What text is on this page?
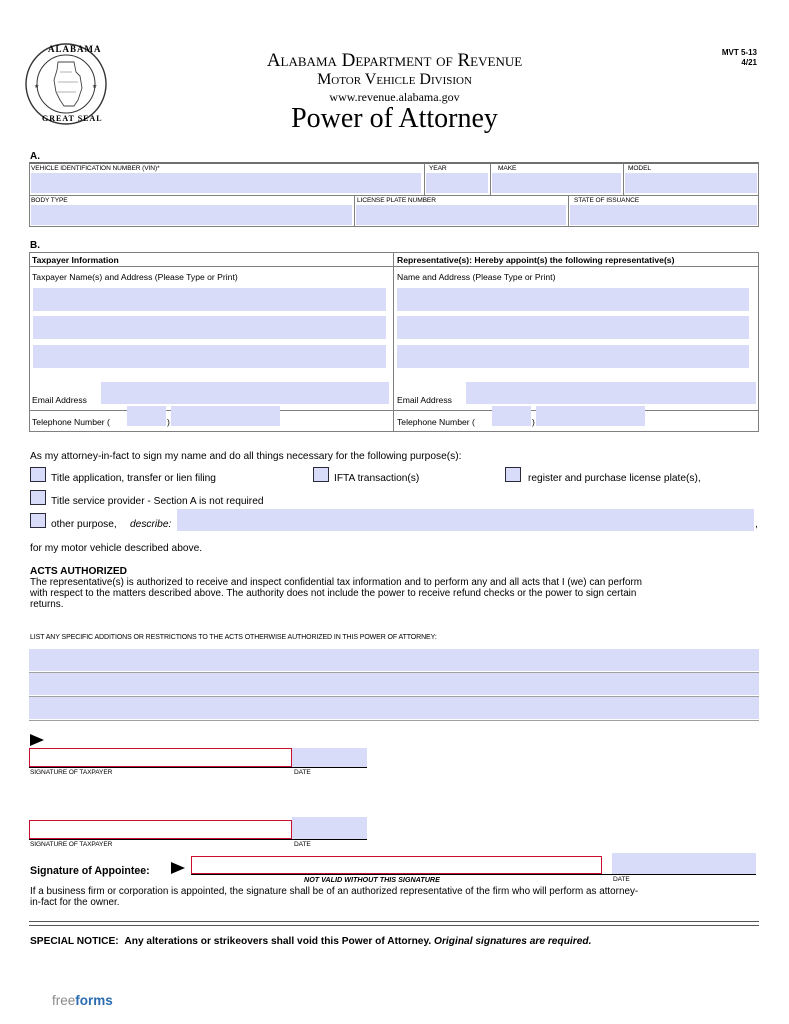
★	★
ALABAMA
GREAT SEAL
Alabama Department of Revenue
Motor Vehicle Division
www.revenue.alabama.gov
Power of Attorney
MVT 5-13
4/21
A.
VEHICLE IDENTIFICATION NUMBER (VIN)*	YEAR	MAKE	MODEL
BODY TYPE	LICENSE PLATE NUMBER	STATE OF ISSUANCE
B.
Taxpayer Information	Representative(s): Hereby appoint(s) the following representative(s)
Taxpayer Name(s) and Address (Please Type or Print)	Name and Address (Please Type or Print)
Email Address	Email Address
Telephone Number (	)	Telephone Number (	)
As my attorney-in-fact to sign my name and do all things necessary for the following purpose(s):
Title application, transfer or lien filing	IFTA transaction(s)	register and purchase license plate(s),
Title service provider - Section A is not required
other purpose, describe:	,
for my motor vehicle described above.
ACTS AUTHORIZED
The representative(s) is authorized to receive and inspect confidential tax information and to perform any and all acts that I (we) can perform
with respect to the matters described above. The authority does not include the power to receive refund checks or the power to sign certain
returns.
LIST ANY SPECIFIC ADDITIONS OR RESTRICTIONS TO THE ACTS OTHERWISE AUTHORIZED IN THIS POWER OF ATTORNEY:
SIGNATURE OF TAXPAYER	DATE
SIGNATURE OF TAXPAYER	DATE
Signature of Appointee:
NOT VALID WITHOUT THIS SIGNATURE	DATE
If a business firm or corporation is appointed, the signature shall be of an authorized representative of the firm who will perform as attorney-
in-fact for the owner.
SPECIAL NOTICE: Any alterations or strikeovers shall void this Power of Attorney. Original signatures are required.
freeforms
